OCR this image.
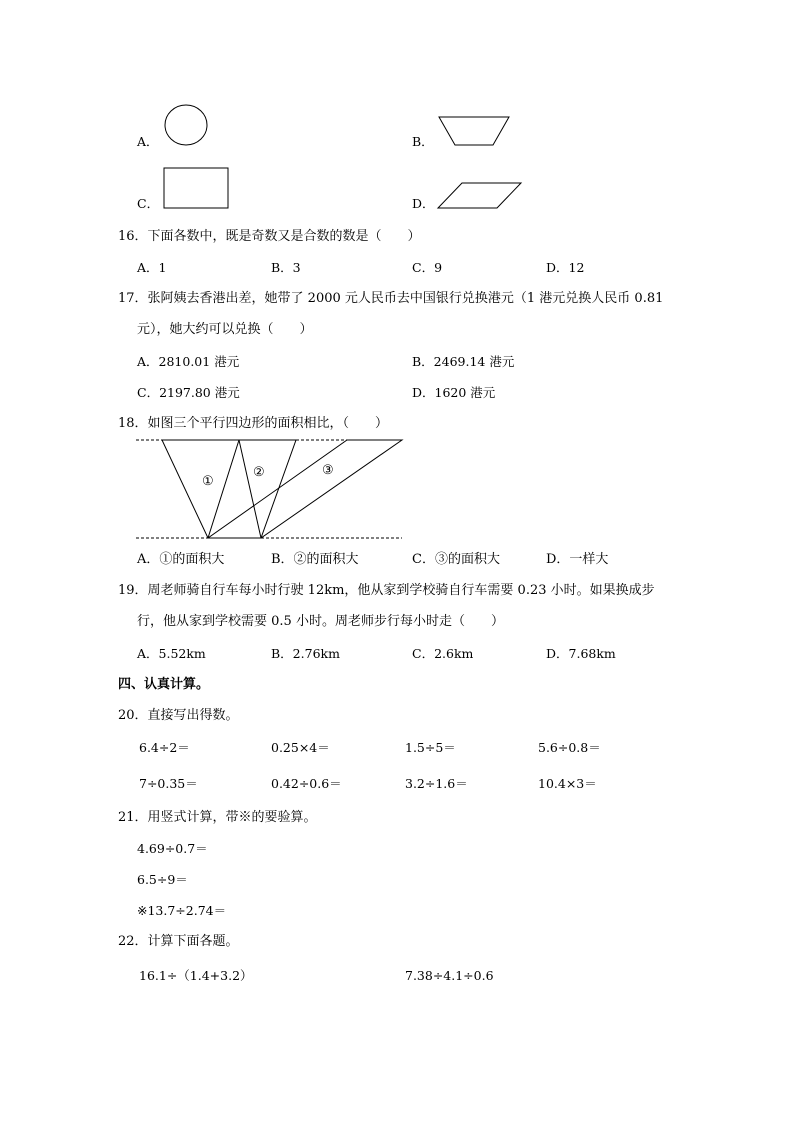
A．	B．
C．	D．
16．下面各数中，既是奇数又是合数的数是（　　）
A．1	B．3	C．9	D．12
17．张阿姨去香港出差，她带了 2000 元人民币去中国银行兑换港元（1 港元兑换人民币 0.81
元），她大约可以兑换（　　）
A．2810.01 港元	B．2469.14 港元
C．2197.80 港元	D．1620 港元
18．如图三个平行四边形的面积相比，（　　）
①
②	③
A．①的面积大	B．②的面积大	C．③的面积大	D．一样大
19．周老师骑自行车每小时行驶 12km，他从家到学校骑自行车需要 0.23 小时。如果换成步
行，他从家到学校需要 0.5 小时。周老师步行每小时走（　　）
A．5.52km	B．2.76km	C．2.6km	D．7.68km
四、认真计算。
20．直接写出得数。
6.4÷2＝	0.25×4＝	1.5÷5＝	5.6÷0.8＝
7÷0.35＝	0.42÷0.6＝	3.2÷1.6＝	10.4×3＝
21．用竖式计算，带※的要验算。
4.69÷0.7＝
6.5÷9＝
※13.7÷2.74＝
22．计算下面各题。
16.1÷（1.4+3.2）	7.38÷4.1÷0.6
